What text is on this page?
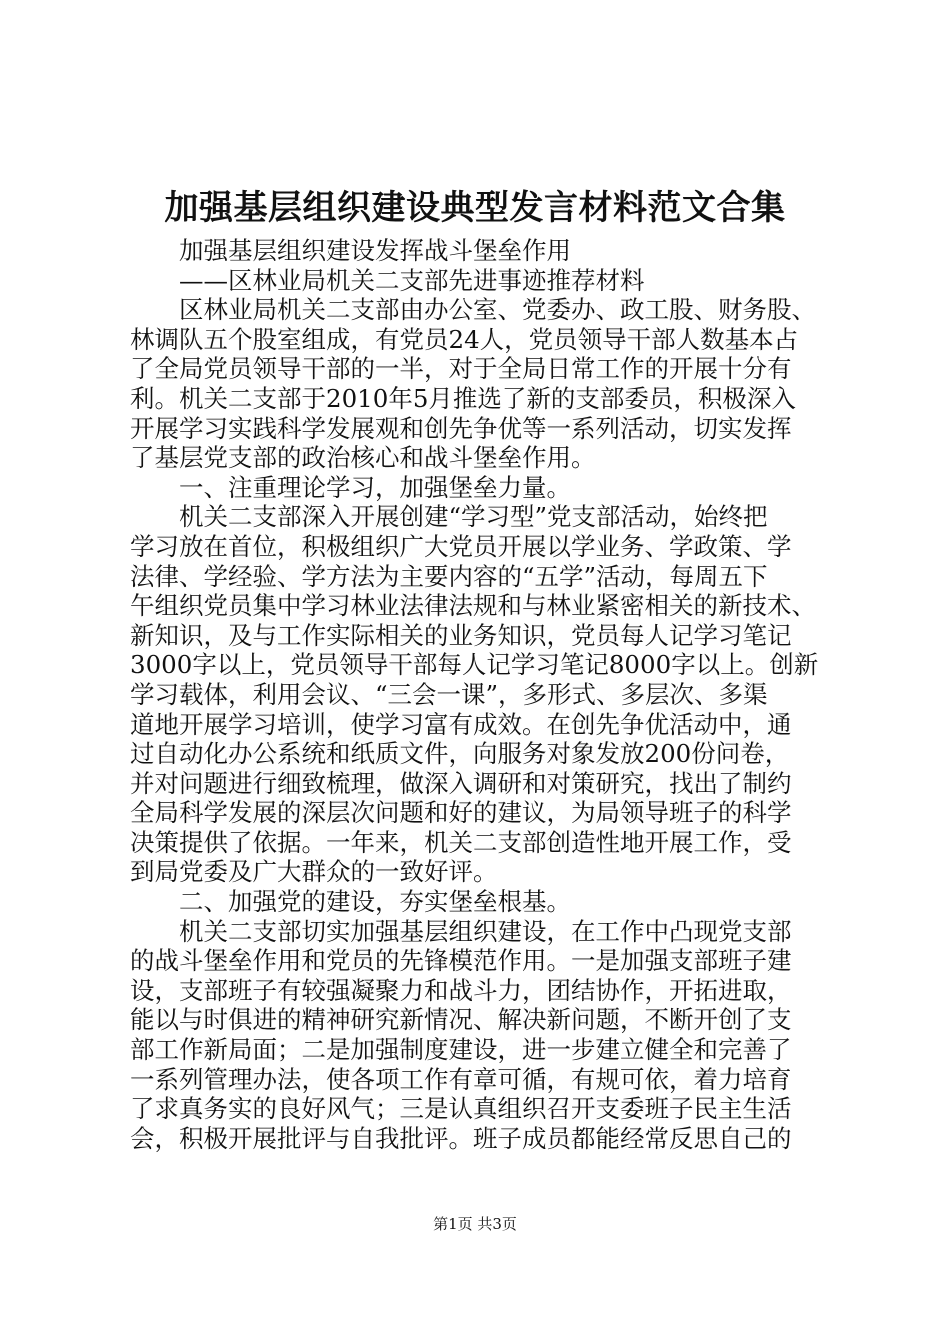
加强基层组织建设典型发言材料范文合集
　　加强基层组织建设发挥战斗堡垒作用
　　——区林业局机关二支部先进事迹推荐材料
　　区林业局机关二支部由办公室、党委办、政工股、财务股、
林调队五个股室组成，有党员24人，党员领导干部人数基本占
了全局党员领导干部的一半，对于全局日常工作的开展十分有
利。机关二支部于2010年5月推选了新的支部委员，积极深入
开展学习实践科学发展观和创先争优等一系列活动，切实发挥
了基层党支部的政治核心和战斗堡垒作用。
　　一、注重理论学习，加强堡垒力量。
　　机关二支部深入开展创建“学习型”党支部活动，始终把
学习放在首位，积极组织广大党员开展以学业务、学政策、学
法律、学经验、学方法为主要内容的“五学”活动，每周五下
午组织党员集中学习林业法律法规和与林业紧密相关的新技术、
新知识，及与工作实际相关的业务知识，党员每人记学习笔记
3000字以上，党员领导干部每人记学习笔记8000字以上。创新
学习载体，利用会议、“三会一课”，多形式、多层次、多渠
道地开展学习培训，使学习富有成效。在创先争优活动中，通
过自动化办公系统和纸质文件，向服务对象发放200份问卷，
并对问题进行细致梳理，做深入调研和对策研究，找出了制约
全局科学发展的深层次问题和好的建议，为局领导班子的科学
决策提供了依据。一年来，机关二支部创造性地开展工作，受
到局党委及广大群众的一致好评。
　　二、加强党的建设，夯实堡垒根基。
　　机关二支部切实加强基层组织建设，在工作中凸现党支部
的战斗堡垒作用和党员的先锋模范作用。一是加强支部班子建
设，支部班子有较强凝聚力和战斗力，团结协作，开拓进取，
能以与时俱进的精神研究新情况、解决新问题，不断开创了支
部工作新局面；二是加强制度建设，进一步建立健全和完善了
一系列管理办法，使各项工作有章可循，有规可依，着力培育
了求真务实的良好风气；三是认真组织召开支委班子民主生活
会，积极开展批评与自我批评。班子成员都能经常反思自己的
第1页 共3页
